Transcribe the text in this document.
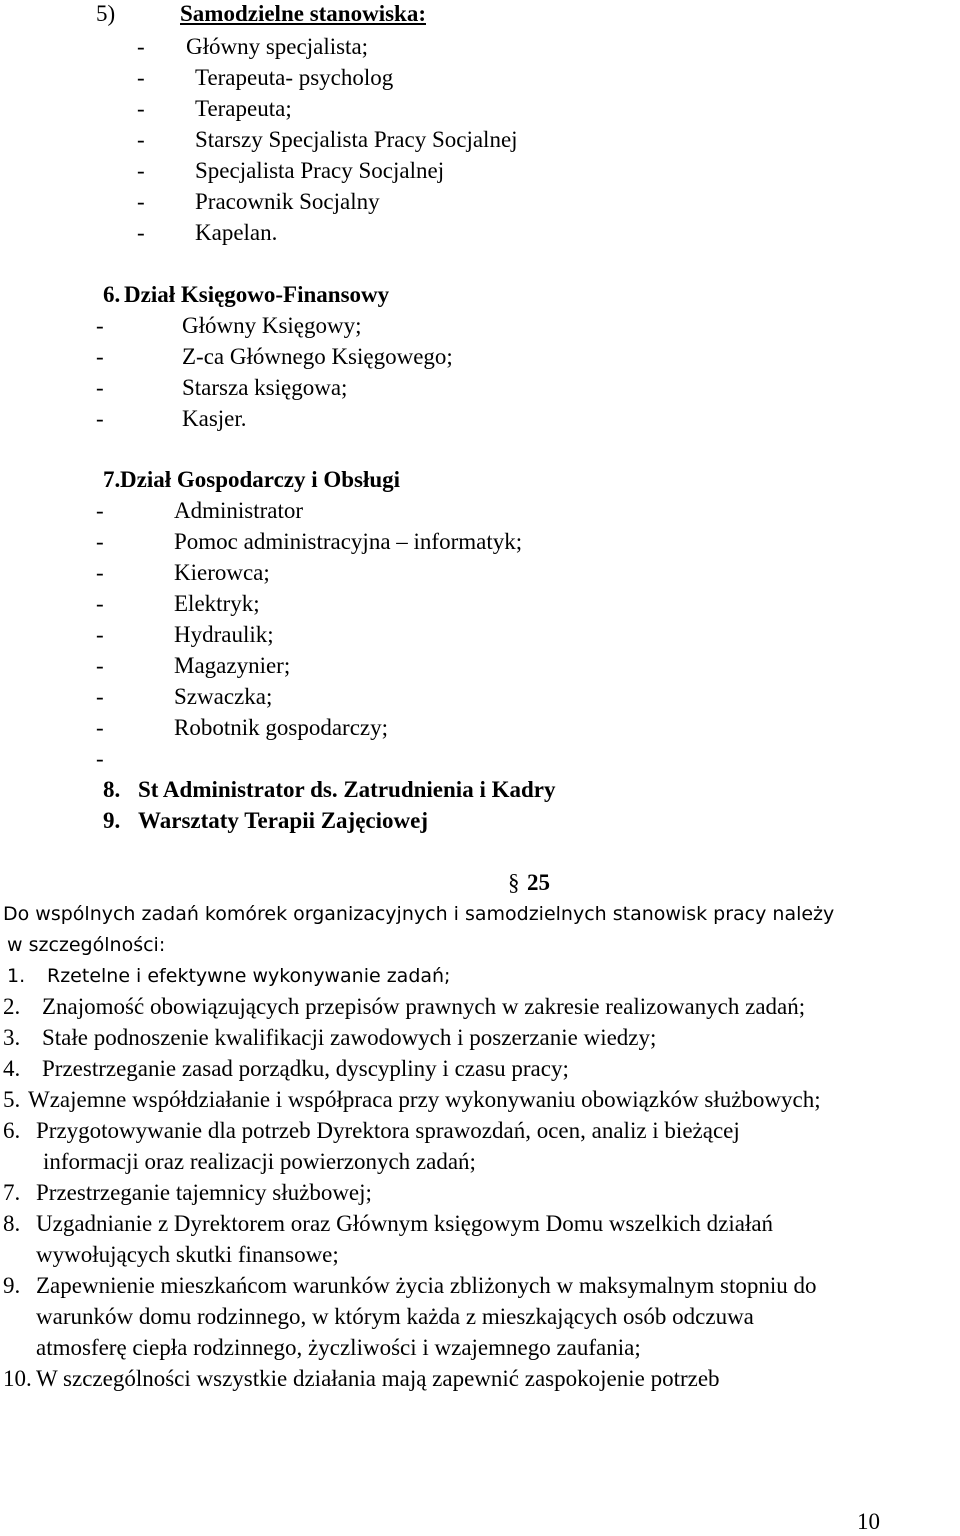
5)	Samodzielne stanowiska:
- Główny specjalista;
- Terapeuta- psycholog
- Terapeuta;
- Starszy Specjalista Pracy Socjalnej
- Specjalista Pracy Socjalnej
- Pracownik Socjalny
- Kapelan.
6. Dział Księgowo-Finansowy
-	Główny Księgowy;
-	Z-ca Głównego Księgowego;
-	Starsza księgowa;
-	Kasjer.
7. Dział Gospodarczy i Obsługi
-	Administrator
-	Pomoc administracyjna – informatyk;
-	Kierowca;
-	Elektryk;
-	Hydraulik;
-	Magazynier;
-	Szwaczka;
-	Robotnik gospodarczy;
-
8. St Administrator ds. Zatrudnienia i Kadry
9. Warsztaty Terapii Zajęciowej
§ 25
Do wspólnych zadań komórek organizacyjnych i samodzielnych stanowisk pracy należy
w szczególności:
1. Rzetelne i efektywne wykonywanie zadań;
2. Znajomość obowiązujących przepisów prawnych w zakresie realizowanych zadań;
3. Stałe podnoszenie kwalifikacji zawodowych i poszerzanie wiedzy;
4. Przestrzeganie zasad porządku, dyscypliny i czasu pracy;
5. Wzajemne współdziałanie i współpraca przy wykonywaniu obowiązków służbowych;
6. Przygotowywanie dla potrzeb Dyrektora sprawozdań, ocen, analiz i bieżącej
informacji oraz realizacji powierzonych zadań;
7. Przestrzeganie tajemnicy służbowej;
8. Uzgadnianie z Dyrektorem oraz Głównym księgowym Domu wszelkich działań
wywołujących skutki finansowe;
9. Zapewnienie mieszkańcom warunków życia zbliżonych w maksymalnym stopniu do
warunków domu rodzinnego, w którym każda z mieszkających osób odczuwa
atmosferę ciepła rodzinnego, życzliwości i wzajemnego zaufania;
10. W szczególności wszystkie działania mają zapewnić zaspokojenie potrzeb
10
